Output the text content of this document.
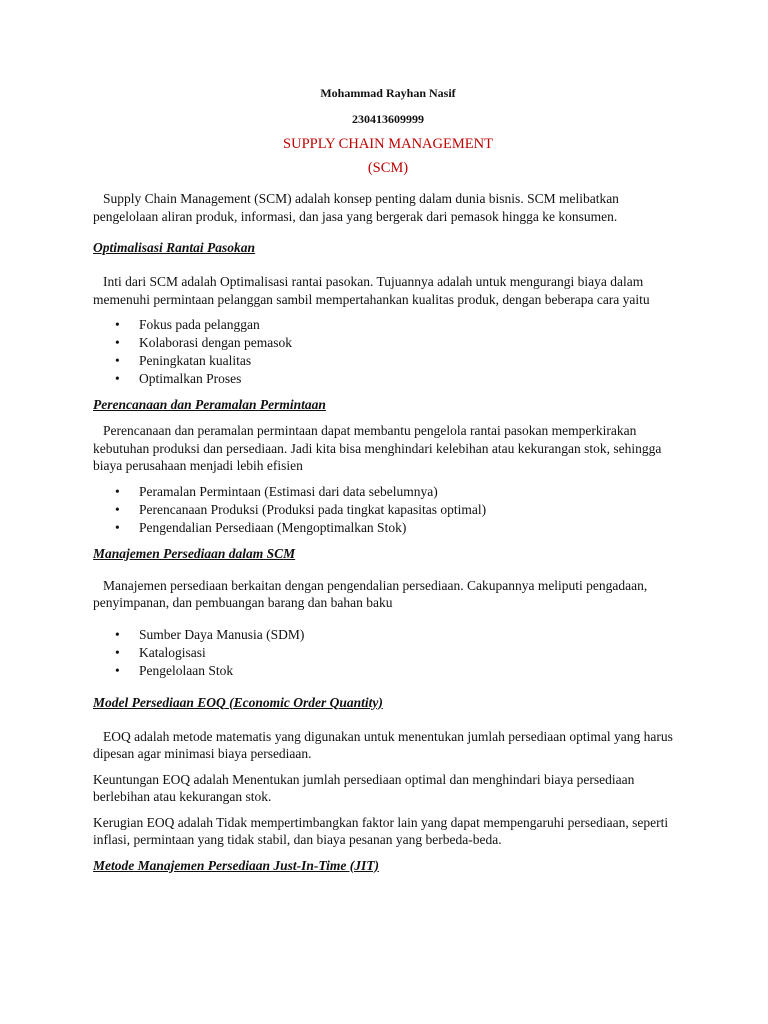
Mohammad Rayhan Nasif

230413609999

SUPPLY CHAIN MANAGEMENT

(SCM)

Supply Chain Management (SCM) adalah konsep penting dalam dunia bisnis. SCM melibatkan pengelolaan aliran produk, informasi, dan jasa yang bergerak dari pemasok hingga ke konsumen.

Optimalisasi Rantai Pasokan

Inti dari SCM adalah Optimalisasi rantai pasokan. Tujuannya adalah untuk mengurangi biaya dalam memenuhi permintaan pelanggan sambil mempertahankan kualitas produk, dengan beberapa cara yaitu

• Fokus pada pelanggan
• Kolaborasi dengan pemasok
• Peningkatan kualitas
• Optimalkan Proses
Perencanaan dan Peramalan Permintaan

Perencanaan dan peramalan permintaan dapat membantu pengelola rantai pasokan memperkirakan kebutuhan produksi dan persediaan. Jadi kita bisa menghindari kelebihan atau kekurangan stok, sehingga biaya perusahaan menjadi lebih efisien

• Peramalan Permintaan (Estimasi dari data sebelumnya)
• Perencanaan Produksi (Produksi pada tingkat kapasitas optimal)
• Pengendalian Persediaan (Mengoptimalkan Stok)
Manajemen Persediaan dalam SCM

Manajemen persediaan berkaitan dengan pengendalian persediaan. Cakupannya meliputi pengadaan, penyimpanan, dan pembuangan barang dan bahan baku

• Sumber Daya Manusia (SDM)
• Katalogisasi
• Pengelolaan Stok
Model Persediaan EOQ (Economic Order Quantity)

EOQ adalah metode matematis yang digunakan untuk menentukan jumlah persediaan optimal yang harus dipesan agar minimasi biaya persediaan.

Keuntungan EOQ adalah Menentukan jumlah persediaan optimal dan menghindari biaya persediaan berlebihan atau kekurangan stok.

Kerugian EOQ adalah Tidak mempertimbangkan faktor lain yang dapat mempengaruhi persediaan, seperti inflasi, permintaan yang tidak stabil, dan biaya pesanan yang berbeda-beda.

Metode Manajemen Persediaan Just-In-Time (JIT)
